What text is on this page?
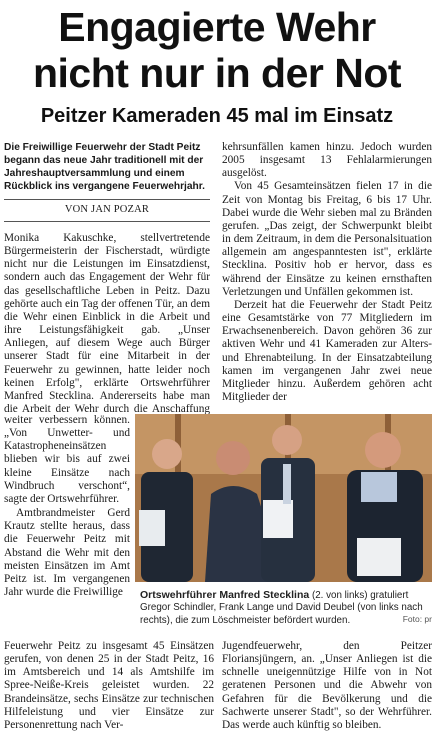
Engagierte Wehr
nicht nur in der Not
Peitzer Kameraden 45 mal im Einsatz
Die Freiwillige Feuerwehr der Stadt Peitz begann das neue Jahr traditionell mit der Jahreshauptversammlung und einem Rückblick ins vergangene Feuerwehrjahr.
VON JAN POZAR

Monika Kakuschke, stellvertretende Bürgermeisterin der Fischerstadt, würdigte nicht nur die Leistungen im Einsatzdienst, sondern auch das Engagement der Wehr für das gesellschaftliche Leben in Peitz. Dazu gehörte auch ein Tag der offenen Tür, an dem die Wehr einen Einblick in die Arbeit und ihre Leistungsfähigkeit gab. „Unser Anliegen, auf diesem Wege auch Bürger unserer Stadt für eine Mitarbeit in der Feuerwehr zu gewinnen, hatte leider noch keinen Erfolg", erklärte Ortswehrführer Manfred Stecklina. Andererseits habe man die Arbeit der Wehr durch die Anschaffung

weiter verbessern können. „Von Unwetter- und Katastropheneinsätzen blieben wir bis auf zwei kleine Einsätze nach Windbruch verschont“, sagte der Ortswehrführer.

Amtbrandmeister Gerd Krautz stellte heraus, dass die Feuerwehr Peitz mit Abstand die Wehr mit den meisten Einsätzen im Amt Peitz ist. Im vergangenen Jahr wurde die Freiwillige

kehrsunfällen kamen hinzu. Jedoch wurden 2005 insgesamt 13 Fehlalarmierungen ausgelöst.

Von 45 Gesamteinsätzen fielen 17 in die Zeit von Montag bis Freitag, 6 bis 17 Uhr. Dabei wurde die Wehr sieben mal zu Bränden gerufen. „Das zeigt, der Schwerpunkt bleibt in dem Zeitraum, in dem die Personalsituation allgemein am angespanntesten ist", erklärte Stecklina. Positiv hob er hervor, dass es während der Einsätze zu keinen ernsthaften Verletzungen und Unfällen gekommen ist.

Derzeit hat die Feuerwehr der Stadt Peitz eine Gesamtstärke von 77 Mitgliedern im Erwachsenenbereich. Davon gehören 36 zur aktiven Wehr und 41 Kameraden zur Alters- und Ehrenabteilung. In der Einsatzabteilung kamen im vergangenen Jahr zwei neue Mitglieder hinzu. Außerdem gehören acht Mitglieder der

Ortswehrführer Manfred Stecklina (2. von links) gratuliert Gregor Schindler, Frank Lange und David Deubel (von links nach rechts), die zum Löschmeister befördert wurden.	Foto: pr

Feuerwehr Peitz zu insgesamt 45 Einsätzen gerufen, von denen 25 in der Stadt Peitz, 16 im Amtsbereich und 14 als Amtshilfe im Spree-Neiße-Kreis geleistet wurden. 22 Brandeinsätze, sechs Einsätze zur technischen Hilfeleistung und vier Einsätze zur Personenrettung nach Ver-

Jugendfeuerwehr, den Peitzer Floriansjüngern, an. „Unser Anliegen ist die schnelle uneigennützige Hilfe von in Not geratenen Personen und die Abwehr von Gefahren für die Bevölkerung und die Sachwerte unserer Stadt", so der Wehrführer. Das werde auch künftig so bleiben.
